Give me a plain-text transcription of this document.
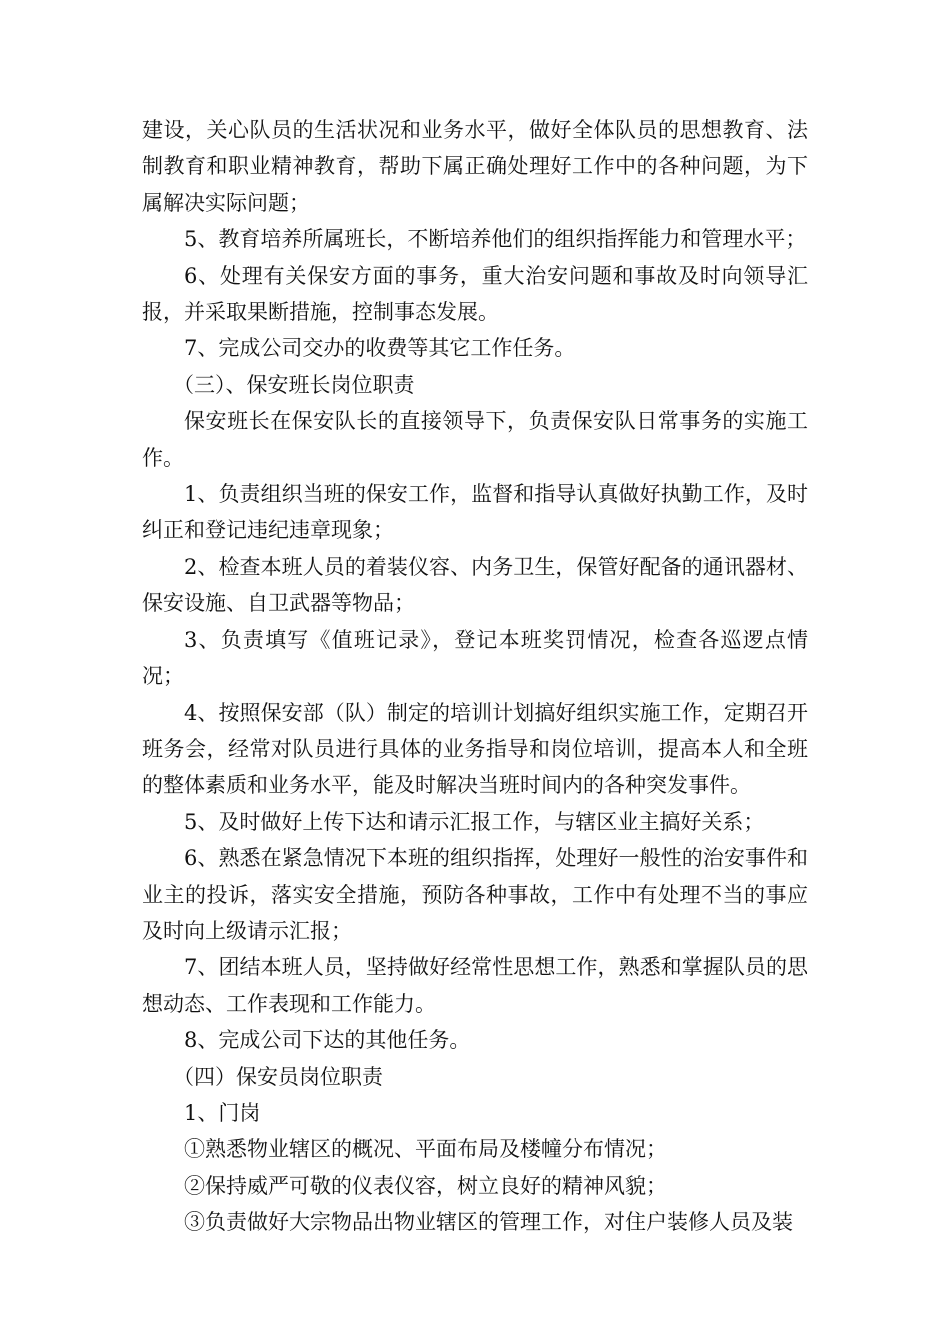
建设，关心队员的生活状况和业务水平，做好全体队员的思想教育、法制教育和职业精神教育，帮助下属正确处理好工作中的各种问题，为下属解决实际问题；

5、教育培养所属班长，不断培养他们的组织指挥能力和管理水平；

6、处理有关保安方面的事务，重大治安问题和事故及时向领导汇报，并采取果断措施，控制事态发展。

7、完成公司交办的收费等其它工作任务。

（三）、保安班长岗位职责

保安班长在保安队长的直接领导下，负责保安队日常事务的实施工作。

1、负责组织当班的保安工作，监督和指导认真做好执勤工作，及时纠正和登记违纪违章现象；

2、检查本班人员的着装仪容、内务卫生，保管好配备的通讯器材、保安设施、自卫武器等物品；

3、负责填写《值班记录》，登记本班奖罚情况，检查各巡逻点情况；

4、按照保安部（队）制定的培训计划搞好组织实施工作，定期召开班务会，经常对队员进行具体的业务指导和岗位培训，提高本人和全班的整体素质和业务水平，能及时解决当班时间内的各种突发事件。

5、及时做好上传下达和请示汇报工作，与辖区业主搞好关系；

6、熟悉在紧急情况下本班的组织指挥，处理好一般性的治安事件和业主的投诉，落实安全措施，预防各种事故，工作中有处理不当的事应及时向上级请示汇报；

7、团结本班人员，坚持做好经常性思想工作，熟悉和掌握队员的思想动态、工作表现和工作能力。

8、完成公司下达的其他任务。

（四）保安员岗位职责

1、门岗

①熟悉物业辖区的概况、平面布局及楼幢分布情况；

②保持威严可敬的仪表仪容，树立良好的精神风貌；

③负责做好大宗物品出物业辖区的管理工作，对住户装修人员及装
